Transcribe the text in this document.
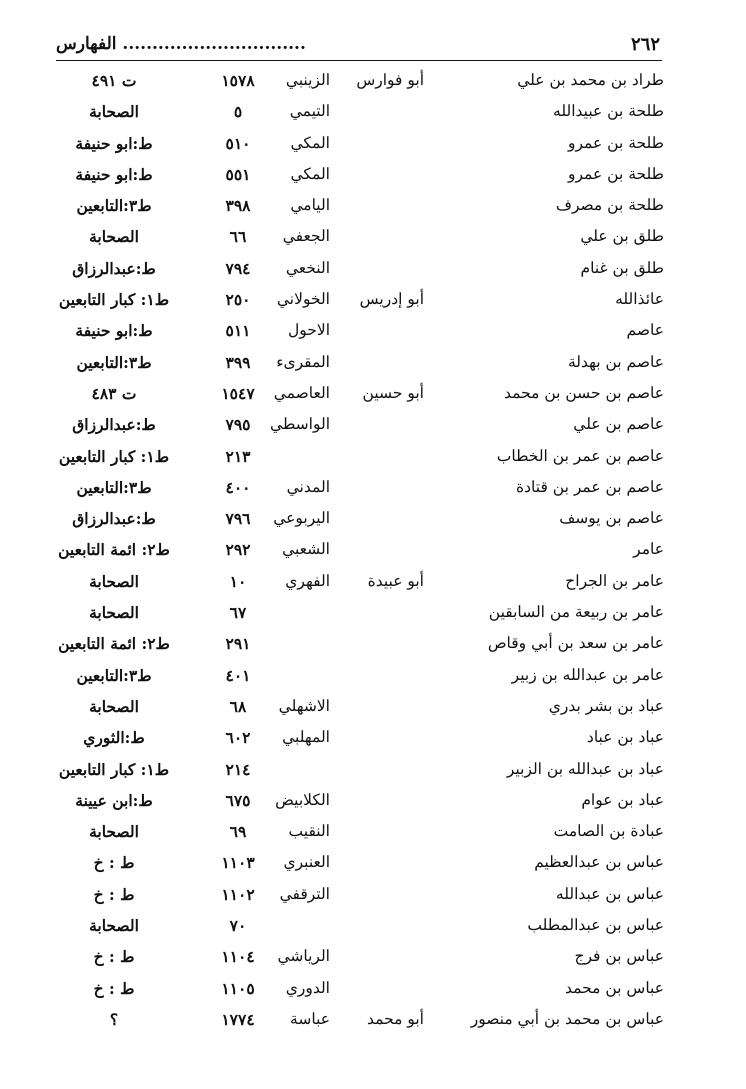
٢٦٢
الفهارس ...............................
طراد بن محمد بن علي
أبو فوارس
الزينبي
١٥٧٨
ت ٤٩١
طلحة بن عبيدالله
التيمي
٥
الصحابة
طلحة بن عمرو
المكي
٥١٠
ط:ابو حنيفة
طلحة بن عمرو
المكي
٥٥١
ط:ابو حنيفة
طلحة بن مصرف
اليامي
٣٩٨
ط٣:التابعين
طلق بن علي
الجعفي
٦٦
الصحابة
طلق بن غنام
النخعي
٧٩٤
ط:عبدالرزاق
عائذالله
أبو إدريس
الخولاني
٢٥٠
ط١: كبار التابعين
عاصم
الاحول
٥١١
ط:ابو حنيفة
عاصم بن بهدلة
المقرىء
٣٩٩
ط٣:التابعين
عاصم بن حسن بن محمد
أبو حسين
العاصمي
١٥٤٧
ت ٤٨٣
عاصم بن علي
الواسطي
٧٩٥
ط:عبدالرزاق
عاصم بن عمر بن الخطاب
٢١٣
ط١: كبار التابعين
عاصم بن عمر بن قتادة
المدني
٤٠٠
ط٣:التابعين
عاصم بن يوسف
اليربوعي
٧٩٦
ط:عبدالرزاق
عامر
الشعبي
٢٩٢
ط٢: ائمة التابعين
عامر بن الجراح
أبو عبيدة
الفهري
١٠
الصحابة
عامر بن ربيعة من السابقين
٦٧
الصحابة
عامر بن سعد بن أبي وقاص
٢٩١
ط٢: ائمة التابعين
عامر بن عبدالله بن زبير
٤٠١
ط٣:التابعين
عباد بن بشر بدري
الاشهلي
٦٨
الصحابة
عباد بن عباد
المهلبي
٦٠٢
ط:الثوري
عباد بن عبدالله بن الزبير
٢١٤
ط١: كبار التابعين
عباد بن عوام
الكلابيض
٦٧٥
ط:ابن عيينة
عبادة بن الصامت
النقيب
٦٩
الصحابة
عباس بن عبدالعظيم
العنبري
١١٠٣
ط : خ
عباس بن عبدالله
الترقفي
١١٠٢
ط : خ
عباس بن عبدالمطلب
٧٠
الصحابة
عباس بن فرج
الرياشي
١١٠٤
ط : خ
عباس بن محمد
الدوري
١١٠٥
ط : خ
عباس بن محمد بن أبي منصور
أبو محمد
عباسة
١٧٧٤
؟
